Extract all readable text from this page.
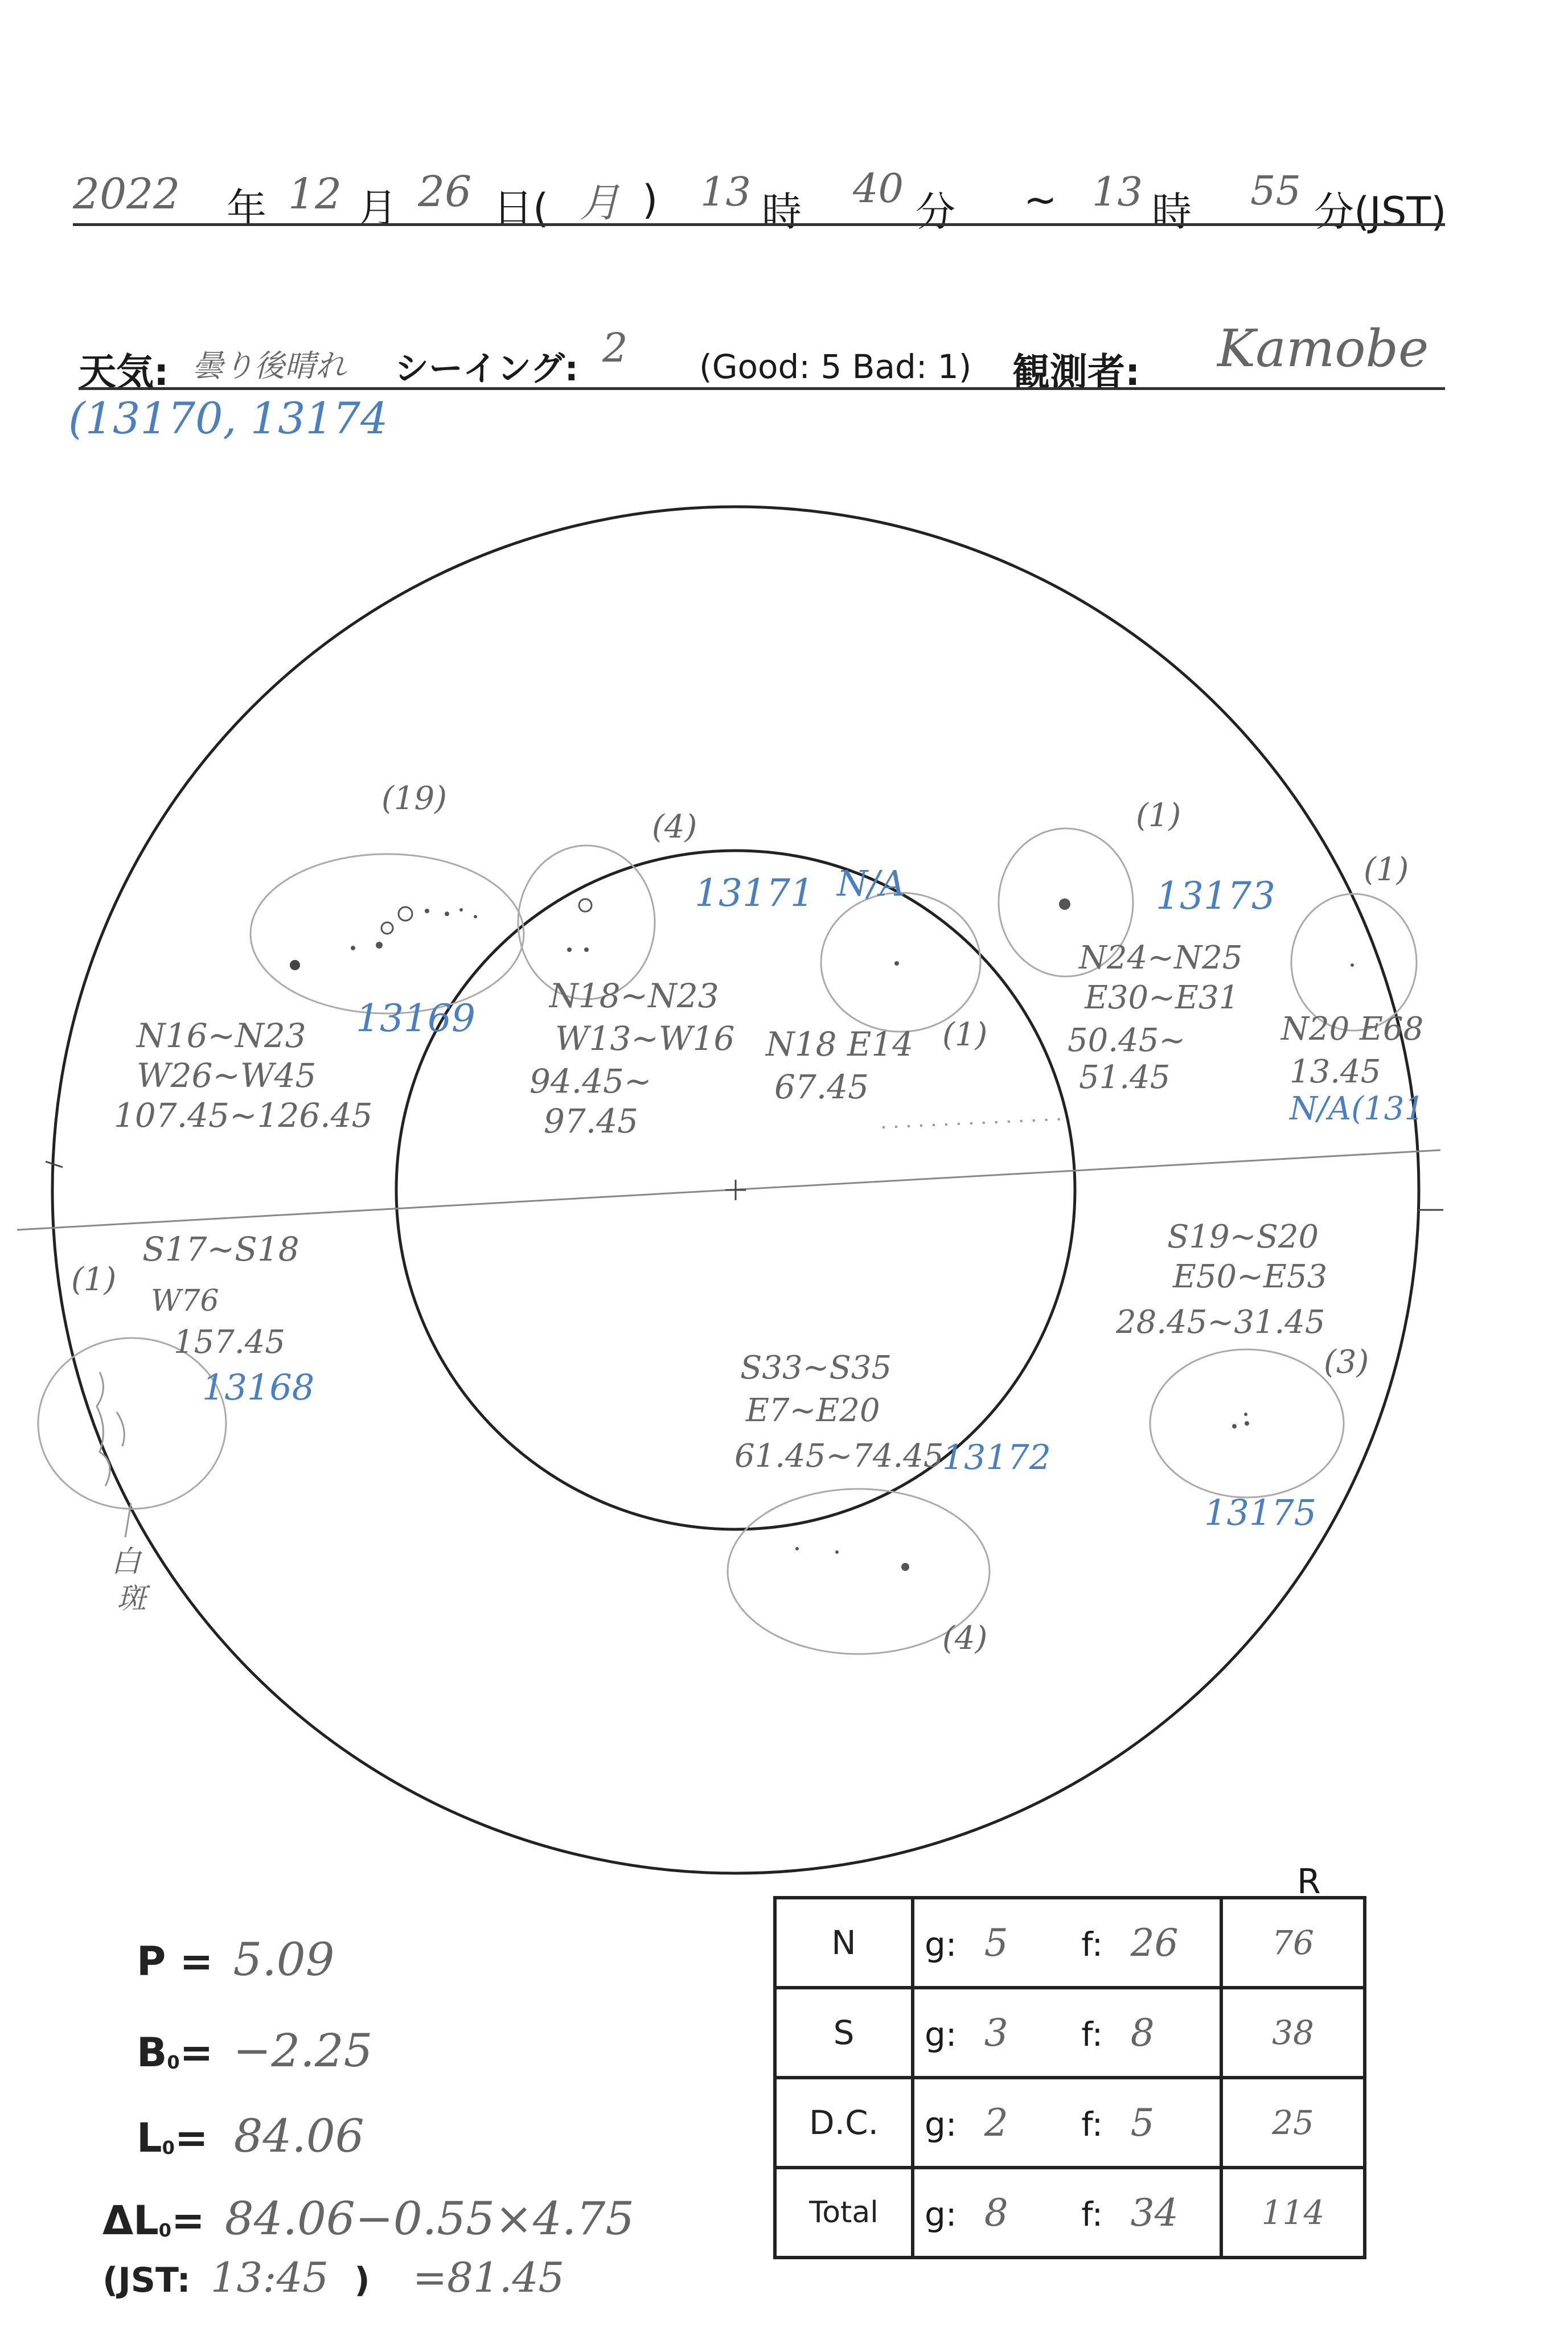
2022 年 12 月 26 日( 月 ) 13 時 40 分 ~ 13 時 55 分(JST)
天気: 曇り後晴れ シーイング: 2 (Good: 5 Bad: 1) 観測者: Kamobe
(13170, 13174
(19)
(4)
13171 N/A
(1)
13173
(1)
N16~N23
W26~W45
107.45~126.45
13169
N18~N23
W13~W16
94.45~
97.45
N18 E14
67.45
(1)
N24~N25
E30~E31
50.45~
51.45
N20 E68
13.45
N/A(131
(1)
S17~S18
W76
157.45
13168
S19~S20
E50~E53
28.45~31.45
(3)
S33~S35
E7~E20
61.45~74.45
13172
13175
(4)
白
斑
P = 5.09
$B_0= -2.25$
$L_0= 84.06$
$\Delta L_0= 84.06-0.55\times 4.75$
(JST: 13:45 ) =81.45
R
N	g: 5 f: 26	76
S	g: 3 f: 8	38
D.C.	g: 2 f: 5	25
Total	g: 8 f: 34	114
